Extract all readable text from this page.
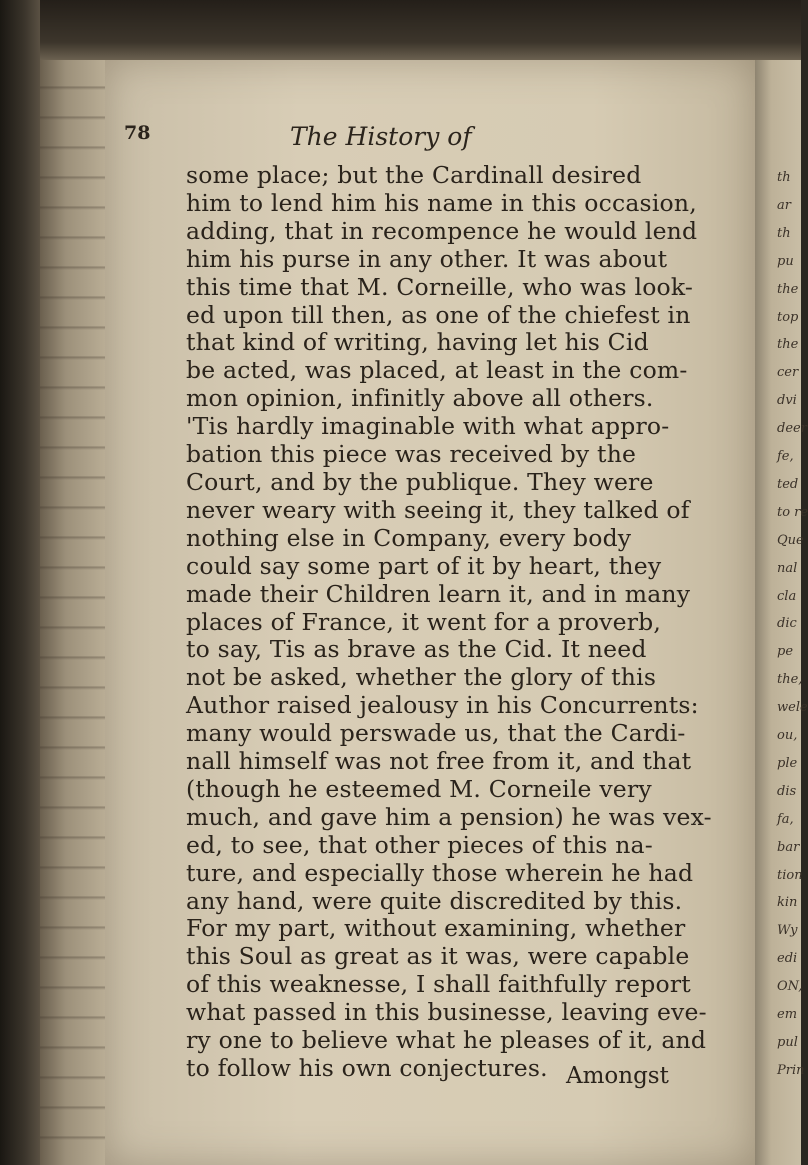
th
ar
th
pu
the
top
the
cer
dvi
deer
fe,
ted
to re
Que
nal
cla
dic
pe
the,
wele
ou,
ple
dis
fa,
bar
tion
kin
Wy
edi
ON,
em
pul
Prin
78	The History of
some place; but the Cardinall desired
him to lend him his name in this occasion,
adding, that in recompence he would lend
him his purse in any other. It was about
this time that M. Corneille, who was look-
ed upon till then, as one of the chiefest in
that kind of writing, having let his Cid
be acted, was placed, at least in the com-
mon opinion, infinitly above all others.
'Tis hardly imaginable with what appro-
bation this piece was received by the
Court, and by the publique. They were
never weary with seeing it, they talked of
nothing else in Company, every body
could say some part of it by heart, they
made their Children learn it, and in many
places of France, it went for a proverb,
to say, Tis as brave as the Cid. It need
not be asked, whether the glory of this
Author raised jealousy in his Concurrents:
many would perswade us, that the Cardi-
nall himself was not free from it, and that
(though he esteemed M. Corneile very
much, and gave him a pension) he was vex-
ed, to see, that other pieces of this na-
ture, and especially those wherein he had
any hand, were quite discredited by this.
For my part, without examining, whether
this Soul as great as it was, were capable
of this weaknesse, I shall faithfully report
what passed in this businesse, leaving eve-
ry one to believe what he pleases of it, and
to follow his own conjectures. Amongst
